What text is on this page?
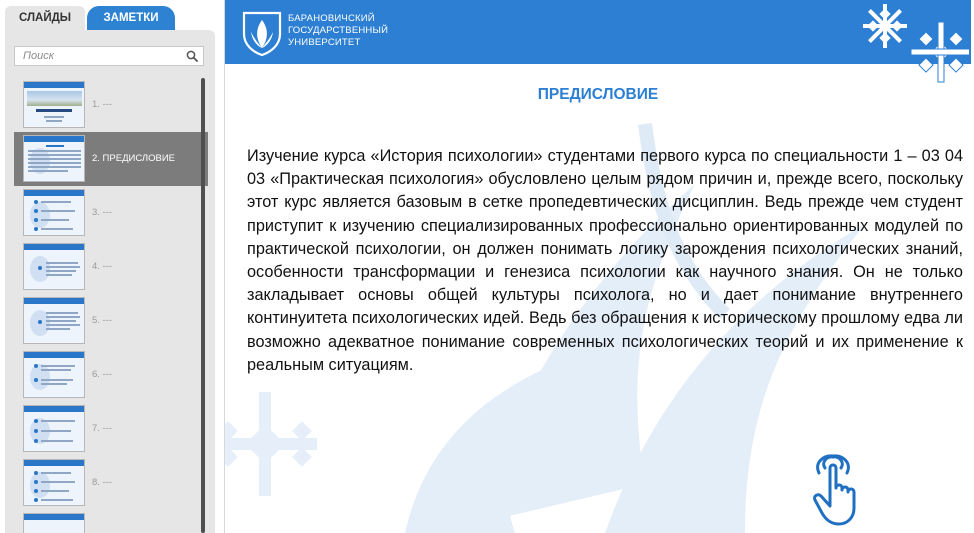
СЛАЙДЫ	ЗАМЕТКИ
Поиск
1. ---
2. ПРЕДИСЛОВИЕ
3. ---
4. ---
5. ---
6. ---
7. ---
8. ---
БАРАНОВИЧСКИЙ
ГОСУДАРСТВЕННЫЙ
УНИВЕРСИТЕТ
ПРЕДИСЛОВИЕ
Изучение курса «История психологии» студентами первого курса по специальности 1 – 03 04 03 «Практическая психология» обусловлено целым рядом причин и, прежде всего, поскольку этот курс является базовым в сетке пропедевтических дисциплин. Ведь прежде чем студент приступит к изучению специализированных профессионально ориентированных модулей по практической психологии, он должен понимать логику зарождения психологических знаний, особенности трансформации и генезиса психологии как научного знания. Он не только закладывает основы общей культуры психолога, но и дает понимание внутреннего континуитета психологических идей. Ведь без обращения к историческому прошлому едва ли возможно адекватное понимание современных психологических теорий и их применение к реальным ситуациям.
